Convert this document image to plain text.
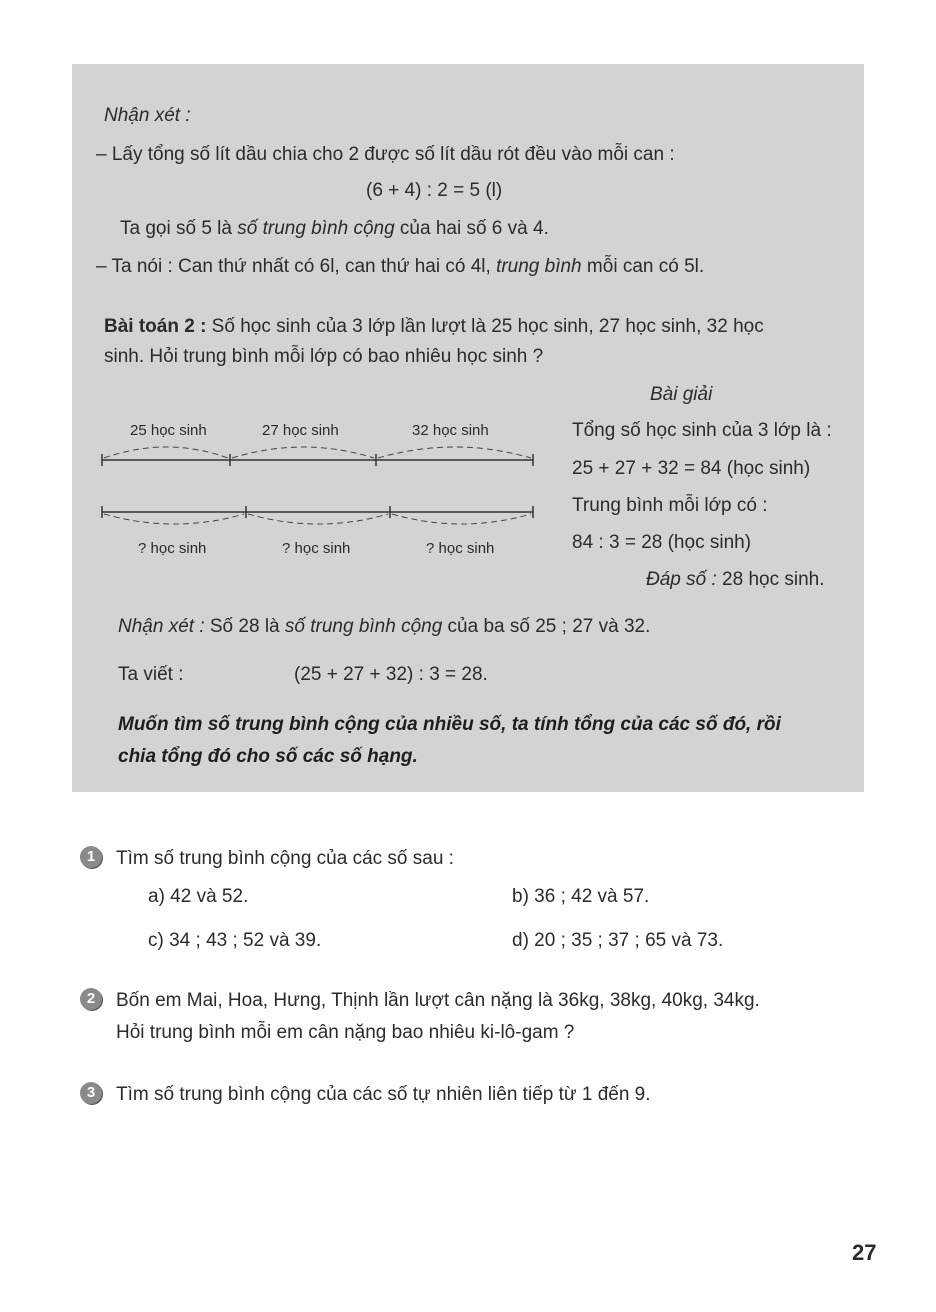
Nhận xét :
– Lấy tổng số lít dầu chia cho 2 được số lít dầu rót đều vào mỗi can :
(6 + 4) : 2 = 5 (l)
Ta gọi số 5 là số trung bình cộng của hai số 6 và 4.
– Ta nói : Can thứ nhất có 6l, can thứ hai có 4l, trung bình mỗi can có 5l.
Bài toán 2 : Số học sinh của 3 lớp lần lượt là 25 học sinh, 27 học sinh, 32 học
sinh. Hỏi trung bình mỗi lớp có bao nhiêu học sinh ?
25 học sinh	27 học sinh	32 học sinh
? học sinh	? học sinh	? học sinh
Bài giải
Tổng số học sinh của 3 lớp là :
25 + 27 + 32 = 84 (học sinh)
Trung bình mỗi lớp có :
84 : 3 = 28 (học sinh)
Đáp số : 28 học sinh.
Nhận xét : Số 28 là số trung bình cộng của ba số 25 ; 27 và 32.
Ta viết :	(25 + 27 + 32) : 3 = 28.
Muốn tìm số trung bình cộng của nhiều số, ta tính tổng của các số đó, rồi
chia tổng đó cho số các số hạng.
1	Tìm số trung bình cộng của các số sau :
a) 42 và 52.	b) 36 ; 42 và 57.
c) 34 ; 43 ; 52 và 39.	d) 20 ; 35 ; 37 ; 65 và 73.
2	Bốn em Mai, Hoa, Hưng, Thịnh lần lượt cân nặng là 36kg, 38kg, 40kg, 34kg.
Hỏi trung bình mỗi em cân nặng bao nhiêu ki-lô-gam ?
3	Tìm số trung bình cộng của các số tự nhiên liên tiếp từ 1 đến 9.
27
